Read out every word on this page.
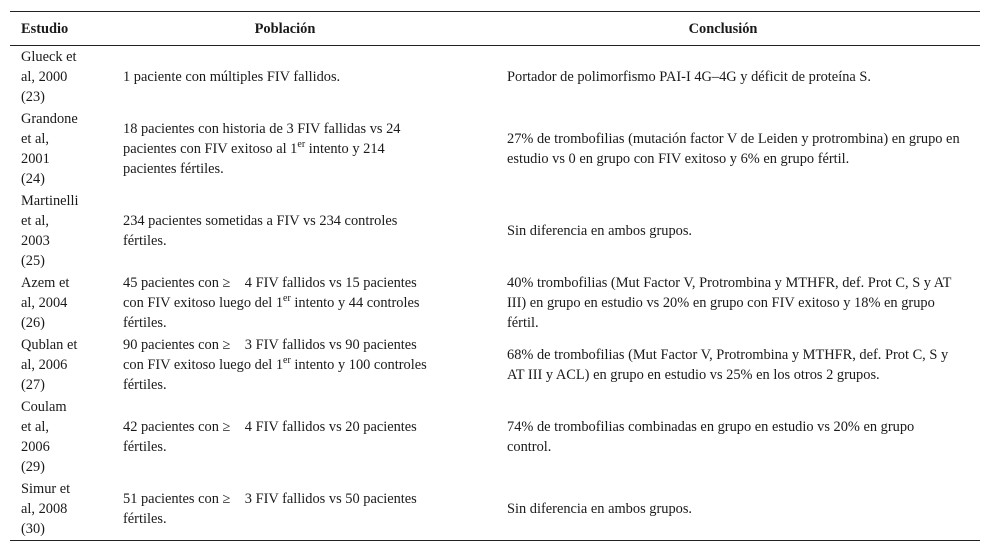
Estudio	Población	Conclusión
Glueck et
al, 2000
(23)	1 paciente con múltiples FIV fallidos.	Portador de polimorfismo PAI-I 4G–4G y déficit de proteína S.
Grandone
et al,
2001
(24)	18 pacientes con historia de 3 FIV fallidas vs 24 pacientes con FIV exitoso al 1er intento y 214 pacientes fértiles.	27% de trombofilias (mutación factor V de Leiden y protrombina) en grupo en estudio vs 0 en grupo con FIV exitoso y 6% en grupo fértil.
Martinelli
et al,
2003
(25)	234 pacientes sometidas a FIV vs 234 controles fértiles.	Sin diferencia en ambos grupos.
Azem et
al, 2004
(26)	45 pacientes con ≥    4 FIV fallidos vs 15 pacientes con FIV exitoso luego del 1er intento y 44 controles fértiles.	40% trombofilias (Mut Factor V, Protrombina y MTHFR, def. Prot C, S y AT III) en grupo en estudio vs 20% en grupo con FIV exitoso y 18% en grupo fértil.
Qublan et
al, 2006
(27)	90 pacientes con ≥    3 FIV fallidos vs 90 pacientes con FIV exitoso luego del 1er intento y 100 controles fértiles.	68% de trombofilias (Mut Factor V, Protrombina y MTHFR, def. Prot C, S y AT III y ACL) en grupo en estudio vs 25% en los otros 2 grupos.
Coulam
et al,
2006
(29)	42 pacientes con ≥    4 FIV fallidos vs 20 pacientes fértiles.	74% de trombofilias combinadas en grupo en estudio vs 20% en grupo control.
Simur et
al, 2008
(30)	51 pacientes con ≥    3 FIV fallidos vs 50 pacientes fértiles.	Sin diferencia en ambos grupos.
